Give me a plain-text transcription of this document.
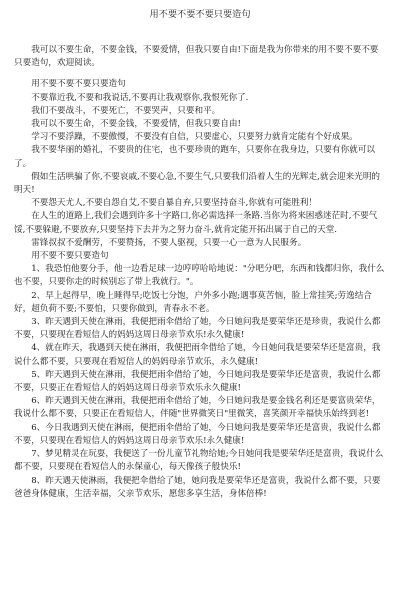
用不要不要不要只要造句

我可以不要生命，不要金钱，不要爱情，但我只要自由!下面是我为你带来的用不要不要不要只要造句，欢迎阅读。

用不要不要不要只要造句

不要靠近我,不要和我说话,不要再让我观察你,我恨死你了.

我们不要战斗，不要死亡，不要哭声，只要和平。

我可以不要生命，不要金钱，不要爱情，但我只要自由!

学习不要浮躁，不要傲慢，不要没有自信，只要虚心，只要努力就肯定能有个好成果。

我不要华丽的婚礼，不要贵的住宅，也不要珍贵的跑车，只要你在我身边，只要有你就可以了。

假如生活哄骗了你,不要哀戚,不要心急,不要生气,只要我们沿着人生的光辉走,就会迎来光明的明天!

不要怨天尤人,不要自怨自艾,不要自暴自弃,只要坚持奋斗,你就有可能胜利！

在人生的道路上,我们会遇到许多十字路口,你必需选择一条路.当你为将来困惑迷茫时,不要气馁,不要躲避,不要放弃,只要坚持下去并为之努力奋斗,就肯定能开拓出属于自己的天堂.

雷锋叔叔不爱酬劳，不要赞扬，不要人驱视，只要一心一意为人民服务。

用不要不要只要造句

1、我恐怕他要分手，他一边看足球一边哼哼哈哈地说："分吧分吧，东西和钱都归你，我什么也不要，只要你走的时候别忘了带上我就行。"。

2、早上起得早，晚上睡得早;吃饭七分饱，户外多小跑;遇事莫苦恼，脸上常挂笑;劳逸结合好，超负荷不要;不要怕，只要你做到，青春永不老。

3、昨天遇到天使在淋雨，我便把雨伞借给了她，今日她问我是要荣华还是珍贵，我说什么都不要，只要现在看短信人的妈妈这周日母亲节欢乐!永久健康!

4、就在昨天，我遇到天使在淋雨，我便把雨伞借给了她，今日她问我是要荣华还是富贵，我说什么都不要，只要现在看短信人的妈妈母亲节欢乐，永久健康!

5、昨天遇到天使在淋雨，我便把雨伞借给了她，今日她问我是要荣华还是富贵，我说什么都不要，只要正在看短信人的妈妈这周日母亲节欢乐永久健康!

6、昨天遇到天使在淋雨，我便把雨伞借给了她，今日她问我是要金钱名利还是要富贵荣华，我说什么都不要，只要正在看短信人，伴随"世界微笑日"里微笑，喜笑颜开幸福快乐始终到老!

6、今日我遇到天使在淋雨，便把雨伞借给了她，今日她问我是要荣华还是富贵，我说什么都不要，只要现在看短信人的妈妈这周日母亲节欢乐!永久健康!

7、梦见精灵在玩耍，我便送了一份儿童节礼物给她;今日她问我是要荣华还是富贵，我说什么都不要，只要现在看短信人的永保童心，每天像孩子般快乐!

8、昨天遇天使淋雨，我便把伞借给了她，她问我是要荣华还是富贵，我说什么都不要，只要爸爸身体健康，生活幸福，父亲节欢乐，愿您多享生活，身体倍棒!
